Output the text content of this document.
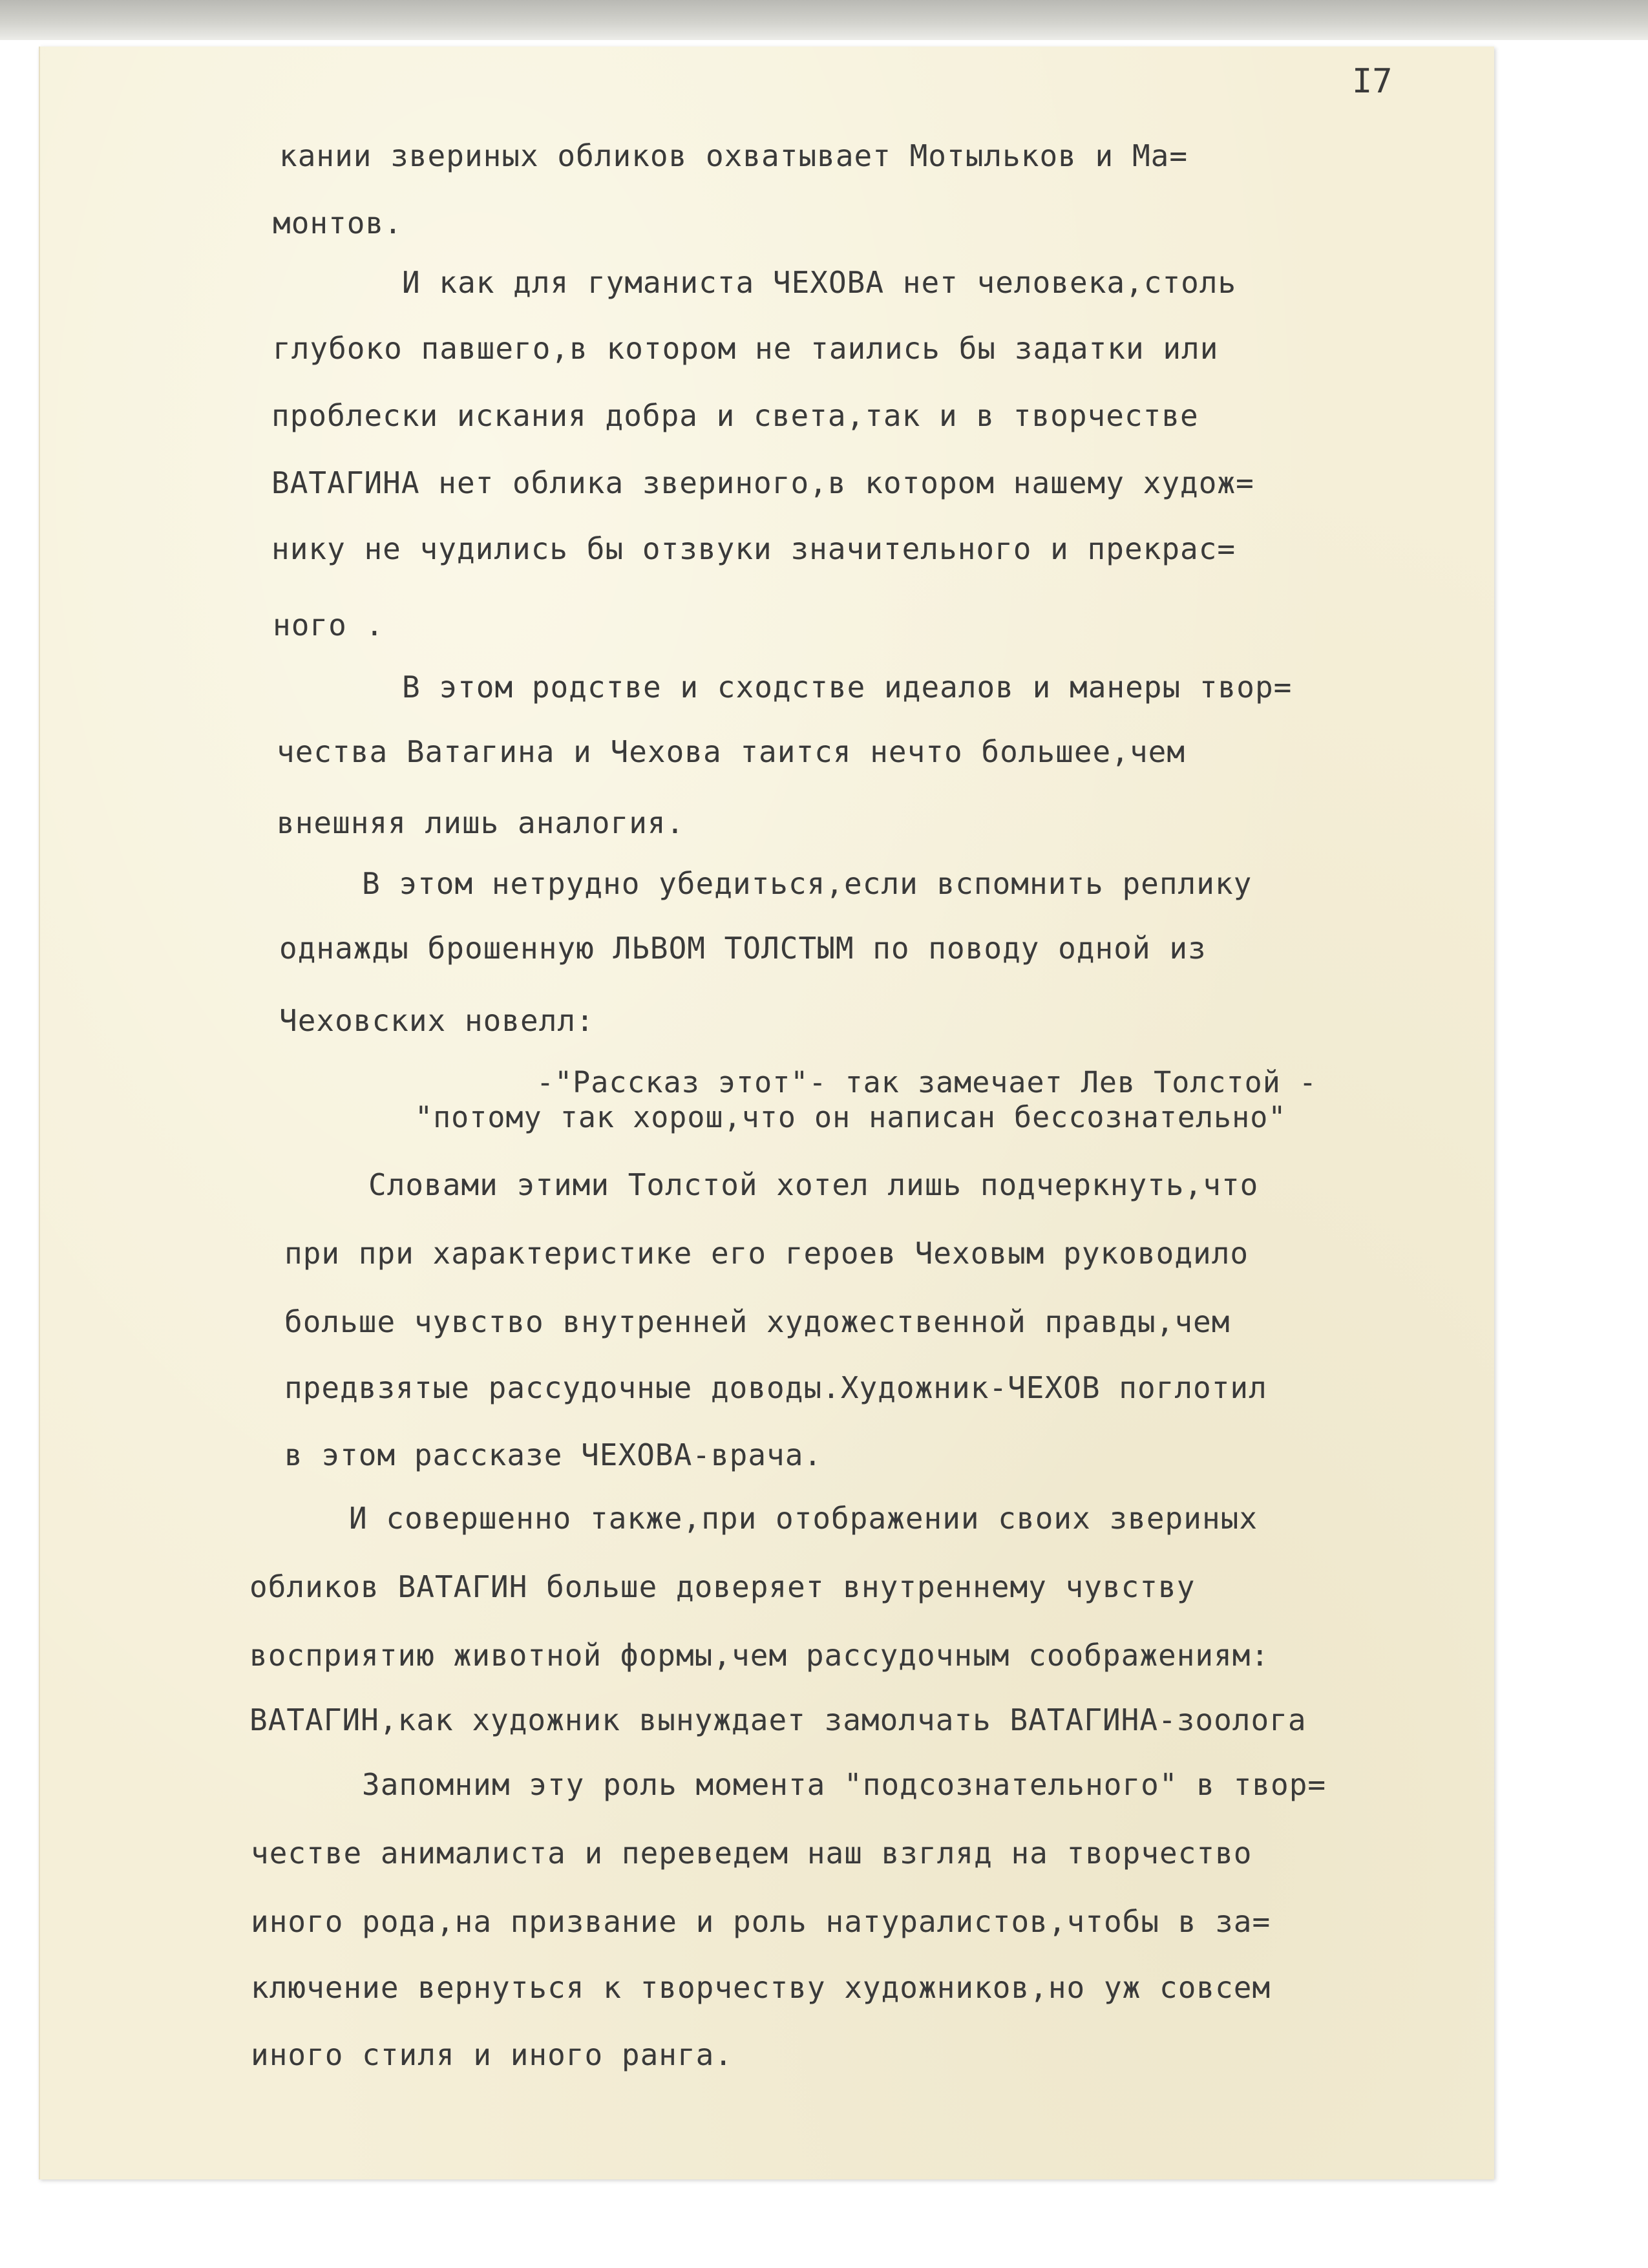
I7

кании звериных обликов охватывает Мотыльков и Ма=

монтов.

И как для гуманиста ЧЕХОВА нет человека,столь

глубоко павшего,в котором не таились бы задатки или

проблески искания добра и света,так и в творчестве

ВАТАГИНА нет облика звериного,в котором нашему худож=

нику не чудились бы отзвуки значительного и прекрас=

ного .

В этом родстве и сходстве идеалов и манеры твор=

чества Ватагина и Чехова таится нечто большее,чем

внешняя лишь аналогия.

В этом нетрудно убедиться,если вспомнить реплику

однажды брошенную ЛЬВОМ ТОЛСТЫМ по поводу одной из

Чеховских новелл:

-"Рассказ этот"- так замечает Лев Толстой -

"потому так хорош,что он написан бессознательно"

Словами этими Толстой хотел лишь подчеркнуть,что

при при характеристике его героев Чеховым руководило

больше чувство внутренней художественной правды,чем

предвзятые рассудочные доводы.Художник-ЧЕХОВ поглотил

в этом рассказе ЧЕХОВА-врача.

И совершенно также,при отображении своих звериных

обликов ВАТАГИН больше доверяет внутреннему чувству

восприятию животной формы,чем рассудочным соображениям:

ВАТАГИН,как художник вынуждает замолчать ВАТАГИНА-зоолога

Запомним эту роль момента "подсознательного" в твор=

честве анималиста и переведем наш взгляд на творчество

иного рода,на призвание и роль натуралистов,чтобы в за=

ключение вернуться к творчеству художников,но уж совсем

иного стиля и иного ранга.
